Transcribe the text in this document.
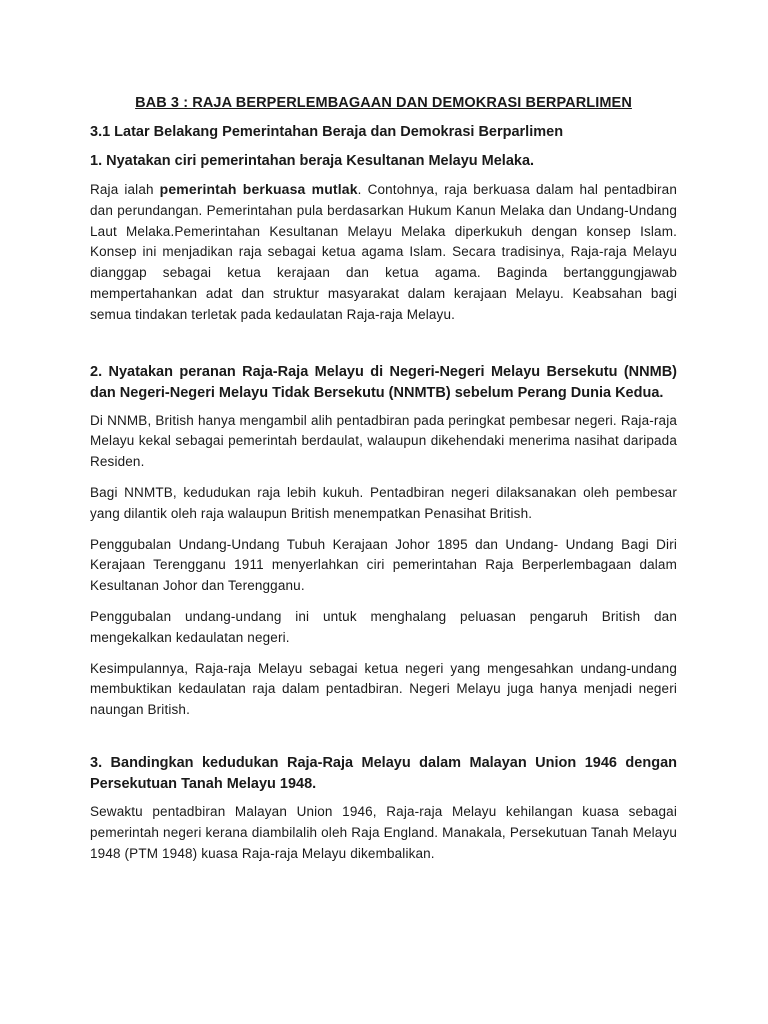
BAB 3 : RAJA BERPERLEMBAGAAN DAN DEMOKRASI BERPARLIMEN
3.1 Latar Belakang Pemerintahan Beraja dan Demokrasi Berparlimen
1. Nyatakan ciri pemerintahan beraja Kesultanan Melayu Melaka.

Raja ialah pemerintah berkuasa mutlak. Contohnya, raja berkuasa dalam hal pentadbiran dan perundangan. Pemerintahan pula berdasarkan Hukum Kanun Melaka dan Undang-Undang Laut Melaka.Pemerintahan Kesultanan Melayu Melaka diperkukuh dengan konsep Islam. Konsep ini menjadikan raja sebagai ketua agama Islam. Secara tradisinya, Raja-raja Melayu dianggap sebagai ketua kerajaan dan ketua agama. Baginda bertanggungjawab mempertahankan adat dan struktur masyarakat dalam kerajaan Melayu. Keabsahan bagi semua tindakan terletak pada kedaulatan Raja-raja Melayu.

2. Nyatakan peranan Raja-Raja Melayu di Negeri-Negeri Melayu Bersekutu (NNMB) dan Negeri-Negeri Melayu Tidak Bersekutu (NNMTB) sebelum Perang Dunia Kedua.

Di NNMB, British hanya mengambil alih pentadbiran pada peringkat pembesar negeri. Raja-raja Melayu kekal sebagai pemerintah berdaulat, walaupun dikehendaki menerima nasihat daripada Residen.

Bagi NNMTB, kedudukan raja lebih kukuh. Pentadbiran negeri dilaksanakan oleh pembesar yang dilantik oleh raja walaupun British menempatkan Penasihat British.

Penggubalan Undang-Undang Tubuh Kerajaan Johor 1895 dan Undang- Undang Bagi Diri Kerajaan Terengganu 1911 menyerlahkan ciri pemerintahan Raja Berperlembagaan dalam Kesultanan Johor dan Terengganu.

Penggubalan undang-undang ini untuk menghalang peluasan pengaruh British dan mengekalkan kedaulatan negeri.

Kesimpulannya, Raja-raja Melayu sebagai ketua negeri yang mengesahkan undang-undang membuktikan kedaulatan raja dalam pentadbiran. Negeri Melayu juga hanya menjadi negeri naungan British.

3. Bandingkan kedudukan Raja-Raja Melayu dalam Malayan Union 1946 dengan Persekutuan Tanah Melayu 1948.

Sewaktu pentadbiran Malayan Union 1946, Raja-raja Melayu kehilangan kuasa sebagai pemerintah negeri kerana diambilalih oleh Raja England. Manakala, Persekutuan Tanah Melayu 1948 (PTM 1948) kuasa Raja-raja Melayu dikembalikan.
